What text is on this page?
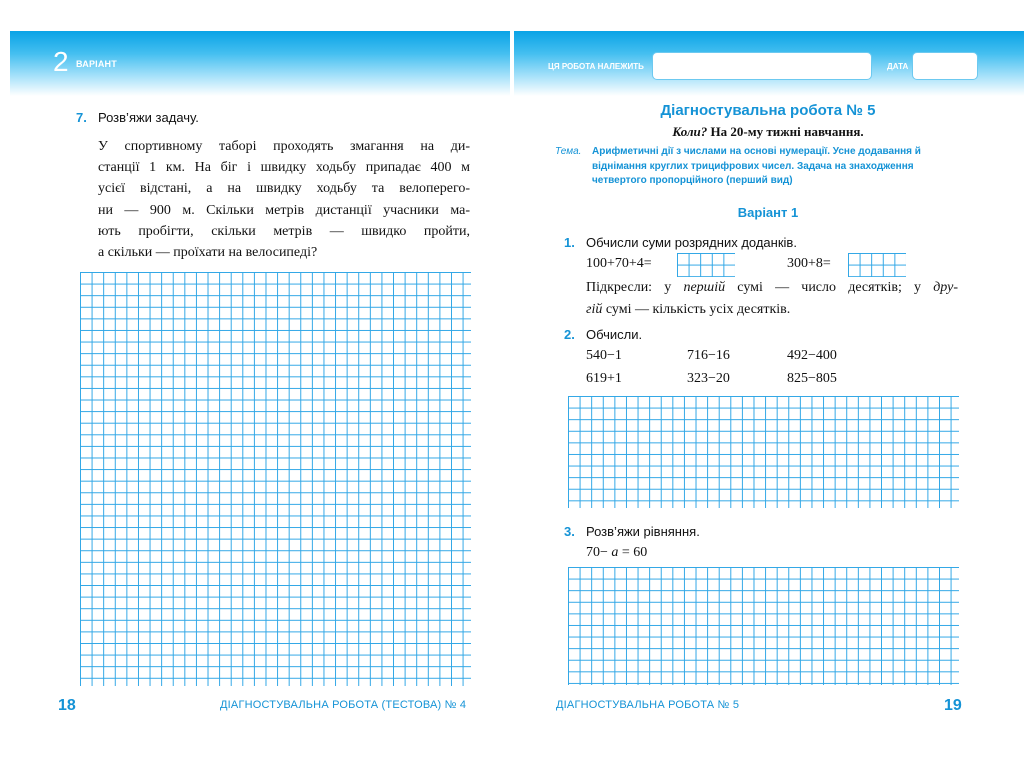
2 ВАРІАНТ
7. Розв’яжи задачу.
У спортивному таборі проходять змагання на ди-
станції 1 км. На біг і швидку ходьбу припадає 400 м
усієї відстані, а на швидку ходьбу та велоперего-
ни — 900 м. Скільки метрів дистанції учасники ма-
ють пробігти, скільки метрів — швидко пройти,
а скільки — проїхати на велосипеді?
18	ДІАГНОСТУВАЛЬНА РОБОТА (ТЕСТОВА) № 4
ЦЯ РОБОТА НАЛЕЖИТЬ	ДАТА
Діагностувальна робота № 5
Коли? На 20-му тижні навчання.
Тема. Арифметичні дії з числами на основі нумерації. Усне додавання й віднімання круглих трицифрових чисел. Задача на знаходження четвертого пропорційного (перший вид)
Варіант 1
1. Обчисли суми розрядних доданків.
100+70+4=	300+8=
Підкресли: у першій сумі — число десятків; у дру-
гій сумі — кількість усіх десятків.
2. Обчисли.
540−1	716−16	492−400
619+1	323−20	825−805
3. Розв’яжи рівняння.
70− а = 60
ДІАГНОСТУВАЛЬНА РОБОТА № 5	19
